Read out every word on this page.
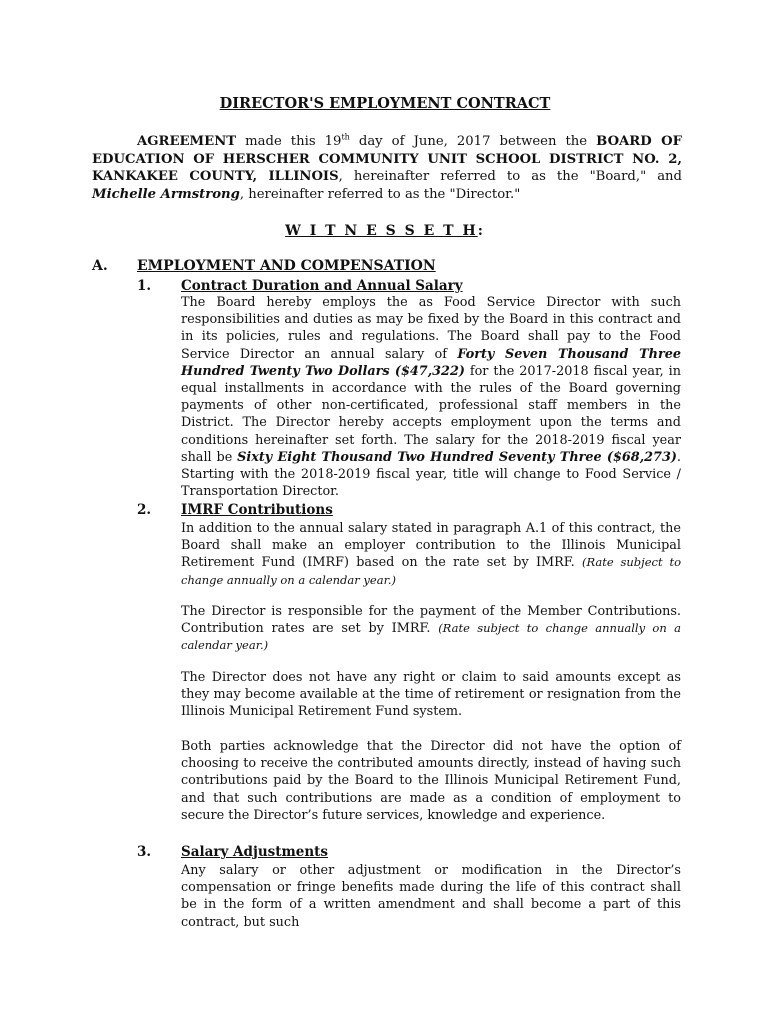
DIRECTOR'S EMPLOYMENT CONTRACT

AGREEMENT made this 19th day of June, 2017 between the BOARD OF EDUCATION OF HERSCHER COMMUNITY UNIT SCHOOL DISTRICT NO. 2, KANKAKEE COUNTY, ILLINOIS, hereinafter referred to as the "Board," and Michelle Armstrong, hereinafter referred to as the "Director."

W I T N E S S E T H:
A. EMPLOYMENT AND COMPENSATION
1. Contract Duration and Annual Salary

The Board hereby employs the as Food Service Director with such responsibilities and duties as may be fixed by the Board in this contract and in its policies, rules and regulations. The Board shall pay to the Food Service Director an annual salary of Forty Seven Thousand Three Hundred Twenty Two Dollars ($47,322) for the 2017-2018 fiscal year, in equal installments in accordance with the rules of the Board governing payments of other non-certificated, professional staff members in the District. The Director hereby accepts employment upon the terms and conditions hereinafter set forth. The salary for the 2018-2019 fiscal year shall be Sixty Eight Thousand Two Hundred Seventy Three ($68,273). Starting with the 2018-2019 fiscal year, title will change to Food Service / Transportation Director.

2. IMRF Contributions

In addition to the annual salary stated in paragraph A.1 of this contract, the Board shall make an employer contribution to the Illinois Municipal Retirement Fund (IMRF) based on the rate set by IMRF. (Rate subject to change annually on a calendar year.)

The Director is responsible for the payment of the Member Contributions. Contribution rates are set by IMRF. (Rate subject to change annually on a calendar year.)

The Director does not have any right or claim to said amounts except as they may become available at the time of retirement or resignation from the Illinois Municipal Retirement Fund system.

Both parties acknowledge that the Director did not have the option of choosing to receive the contributed amounts directly, instead of having such contributions paid by the Board to the Illinois Municipal Retirement Fund, and that such contributions are made as a condition of employment to secure the Director’s future services, knowledge and experience.

3. Salary Adjustments

Any salary or other adjustment or modification in the Director’s compensation or fringe benefits made during the life of this contract shall be in the form of a written amendment and shall become a part of this contract, but such
